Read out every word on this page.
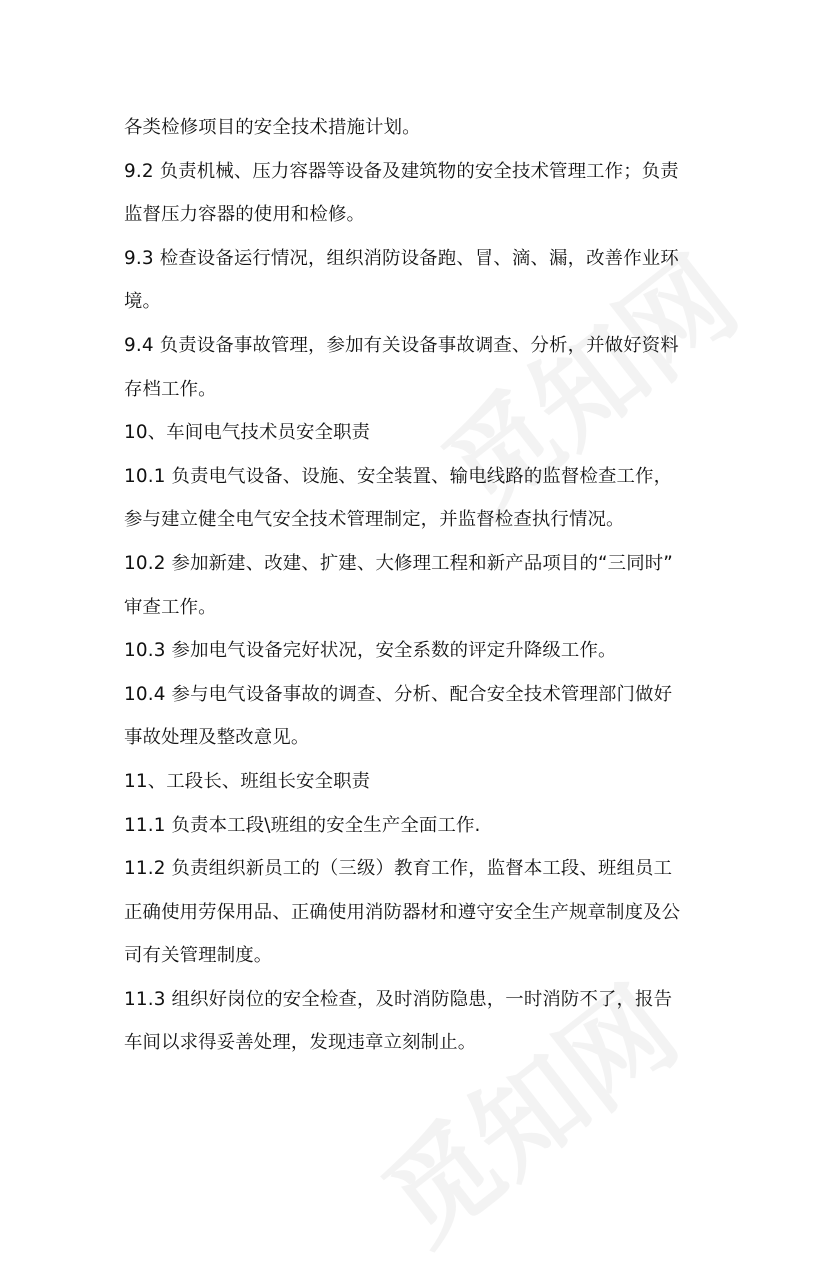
各类检修项目的安全技术措施计划。
9.2 负责机械、压力容器等设备及建筑物的安全技术管理工作；负责
监督压力容器的使用和检修。
9.3 检查设备运行情况，组织消防设备跑、冒、滴、漏，改善作业环
境。
9.4 负责设备事故管理，参加有关设备事故调查、分析，并做好资料
存档工作。
10、车间电气技术员安全职责
10.1 负责电气设备、设施、安全装置、输电线路的监督检查工作，
参与建立健全电气安全技术管理制定，并监督检查执行情况。
10.2 参加新建、改建、扩建、大修理工程和新产品项目的“三同时”
审查工作。
10.3 参加电气设备完好状况，安全系数的评定升降级工作。
10.4 参与电气设备事故的调查、分析、配合安全技术管理部门做好
事故处理及整改意见。
11、工段长、班组长安全职责
11.1 负责本工段\班组的安全生产全面工作.
11.2 负责组织新员工的（三级）教育工作，监督本工段、班组员工
正确使用劳保用品、正确使用消防器材和遵守安全生产规章制度及公
司有关管理制度。
11.3 组织好岗位的安全检查，及时消防隐患，一时消防不了，报告
车间以求得妥善处理，发现违章立刻制止。
